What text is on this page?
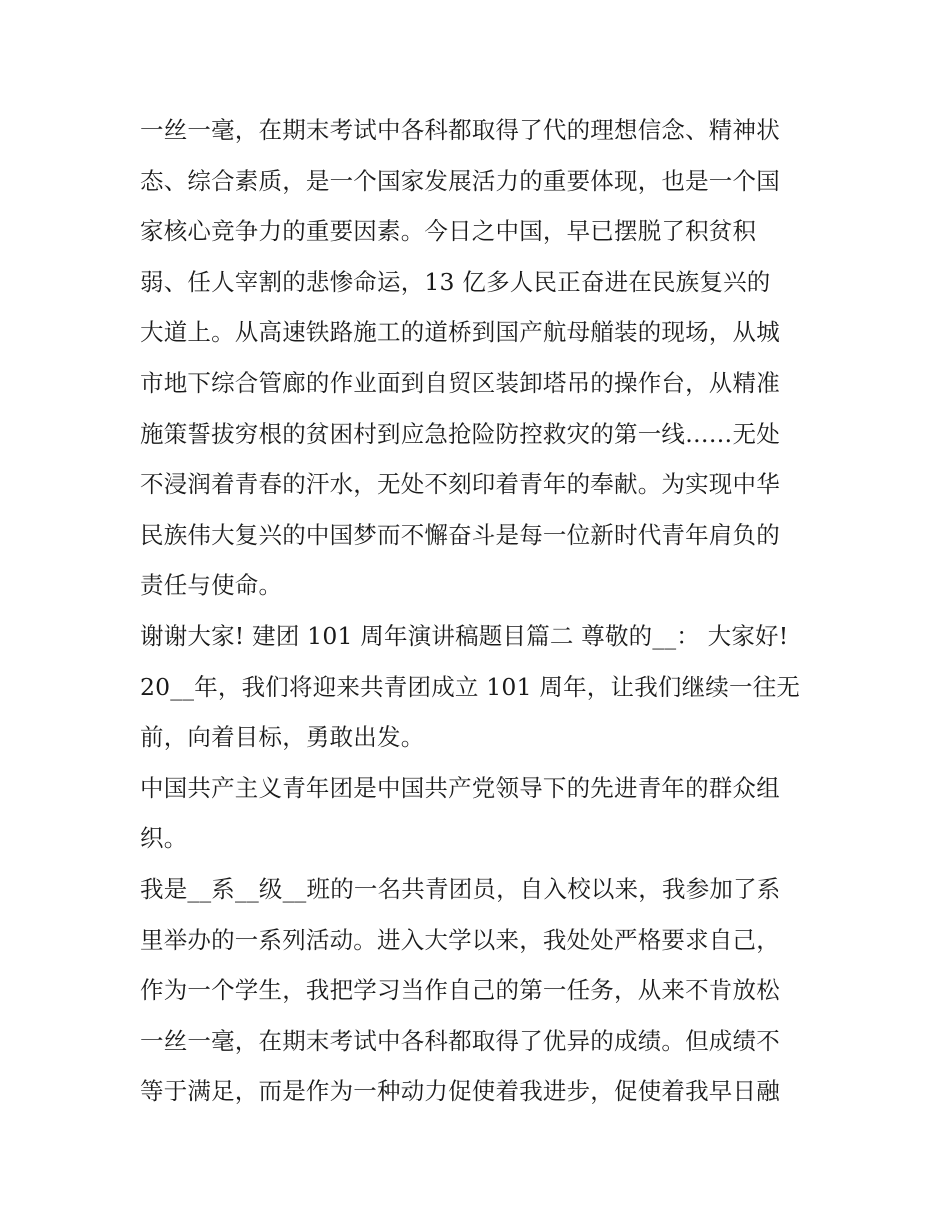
一丝一毫，在期末考试中各科都取得了代的理想信念、精神状
态、综合素质，是一个国家发展活力的重要体现，也是一个国
家核心竞争力的重要因素。今日之中国，早已摆脱了积贫积
弱、任人宰割的悲惨命运，13 亿多人民正奋进在民族复兴的
大道上。从高速铁路施工的道桥到国产航母艏装的现场，从城
市地下综合管廊的作业面到自贸区装卸塔吊的操作台，从精准
施策誓拔穷根的贫困村到应急抢险防控救灾的第一线……无处
不浸润着青春的汗水，无处不刻印着青年的奉献。为实现中华
民族伟大复兴的中国梦而不懈奋斗是每一位新时代青年肩负的
责任与使命。
谢谢大家! 建团 101 周年演讲稿题目篇二 尊敬的__： 大家好!
20__年，我们将迎来共青团成立 101 周年，让我们继续一往无
前，向着目标，勇敢出发。
中国共产主义青年团是中国共产党领导下的先进青年的群众组
织。
我是__系__级__班的一名共青团员，自入校以来，我参加了系
里举办的一系列活动。进入大学以来，我处处严格要求自己，
作为一个学生，我把学习当作自己的第一任务，从来不肯放松
一丝一毫，在期末考试中各科都取得了优异的成绩。但成绩不
等于满足，而是作为一种动力促使着我进步，促使着我早日融
